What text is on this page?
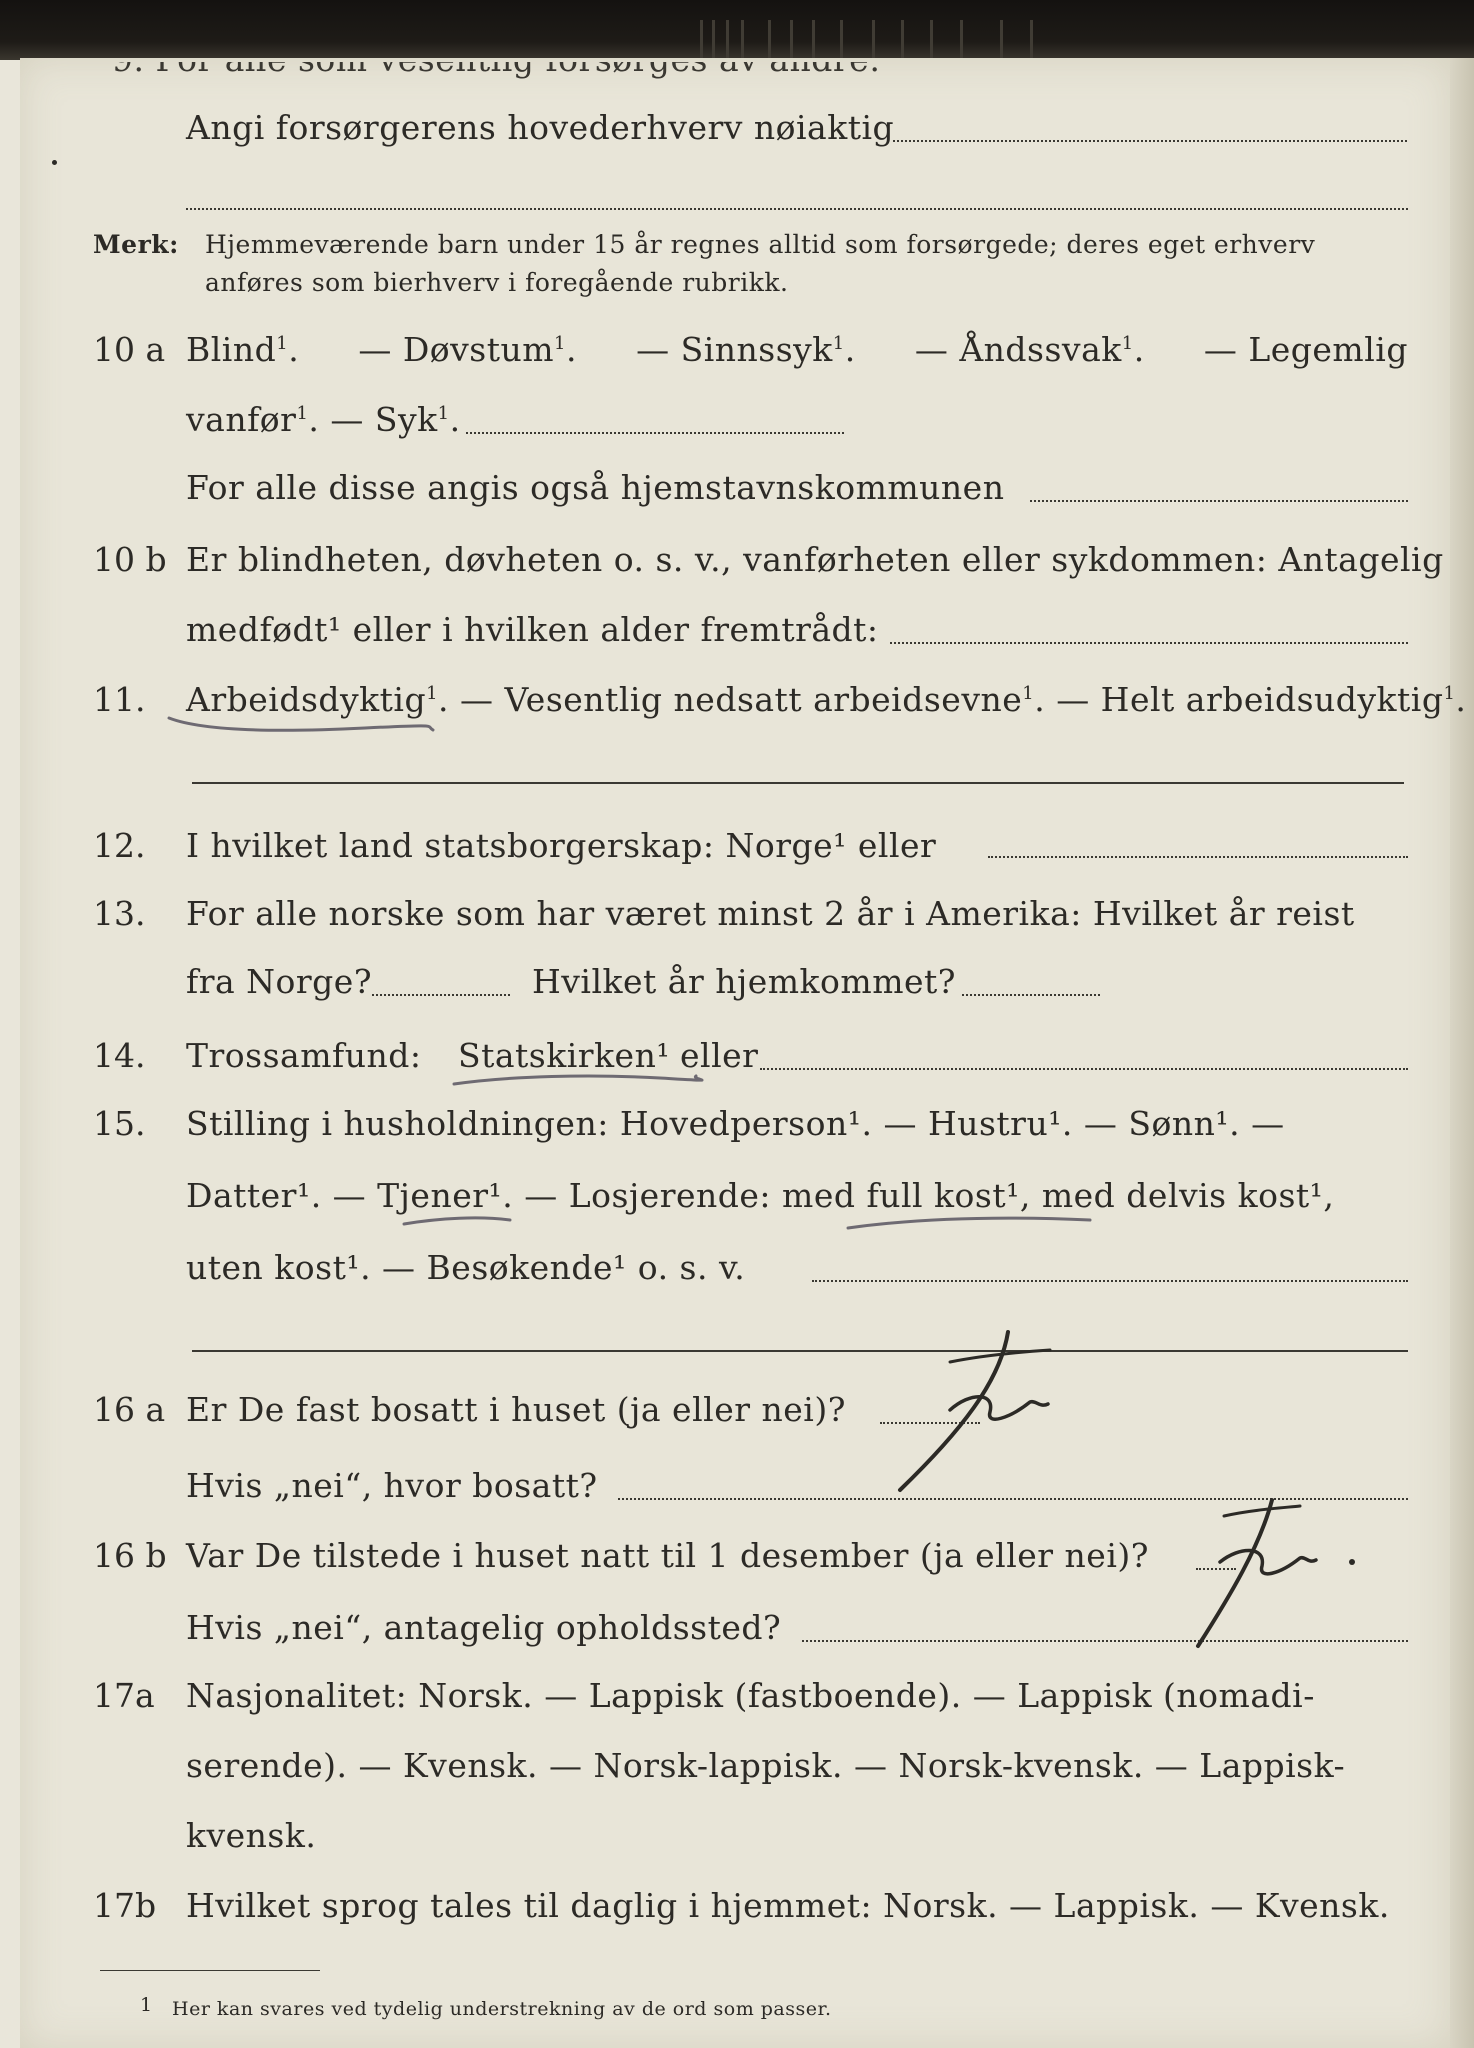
Angi forsørgerens hovederhverv nøiaktig
Merk: Hjemmeværende barn under 15 år regnes alltid som forsørgede; deres eget erhverv
anføres som bierhverv i foregående rubrikk.
10 a Blind$^1$. — Døvstum$^1$. — Sinnssyk$^1$. — Åndssvak$^1$. — Legemlig
vanfør$^1$. — Syk$^1$.
For alle disse angis også hjemstavnskommunen
10 b Er blindheten, døvheten o. s. v., vanførheten eller sykdommen: Antagelig
medfødt¹ eller i hvilken alder fremtrådt:
11. Arbeidsdyktig$^1$. — Vesentlig nedsatt arbeidsevne$^1$. — Helt arbeidsudyktig$^1$.
12. I hvilket land statsborgerskap: Norge¹ eller
13. For alle norske som har været minst 2 år i Amerika: Hvilket år reist
fra Norge?	Hvilket år hjemkommet?
14. Trossamfund: Statskirken¹ eller
15. Stilling i husholdningen: Hovedperson¹. — Hustru¹. — Sønn¹. —
Datter¹. — Tjener¹. — Losjerende: med full kost¹, med delvis kost¹,
uten kost¹. — Besøkende¹ o. s. v.
16 a Er De fast bosatt i huset (ja eller nei)?
Hvis „nei“, hvor bosatt?
16 b Var De tilstede i huset natt til 1 desember (ja eller nei)?
Hvis „nei“, antagelig opholdssted?
17a Nasjonalitet: Norsk. — Lappisk (fastboende). — Lappisk (nomadi-
serende). — Kvensk. — Norsk-lappisk. — Norsk-kvensk. — Lappisk-
kvensk.
17b Hvilket sprog tales til daglig i hjemmet: Norsk. — Lappisk. — Kvensk.
1 Her kan svares ved tydelig understrekning av de ord som passer.
